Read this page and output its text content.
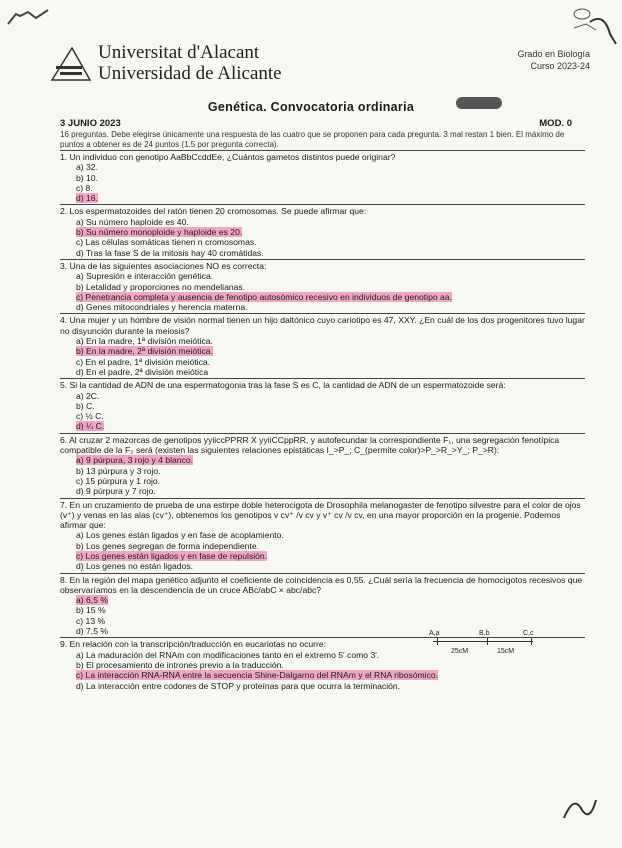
Universitat d'Alacant
Universidad de Alicante
Grado en Biología
Curso 2023-24
Genética. Convocatoria ordinaria
3 JUNIO 2023	MOD. 0
16 preguntas. Debe elegirse únicamente una respuesta de las cuatro que se proponen para cada pregunta. 3 mal restan 1 bien. El máximo de puntos a obtener es de 24 puntos (1.5 por pregunta correcta).
1. Un individuo con genotipo AaBbCcddEe, ¿Cuántos gametos distintos puede originar?
a) 32.
b) 10.
c) 8.
d) 16.
2. Los espermatozoides del ratón tienen 20 cromosomas. Se puede afirmar que:
a) Su número haploide es 40.
b) Su número monoploide y haploide es 20.
c) Las células somáticas tienen n cromosomas.
d) Tras la fase S de la mitosis hay 40 cromátidas.
3. Una de las siguientes asociaciones NO es correcta:
a) Supresión e interacción genética.
b) Letalidad y proporciones no mendelianas.
c) Penetrancia completa y ausencia de fenotipo autosómico recesivo en individuos de genotipo aa.
d) Genes mitocondriales y herencia materna.
4. Una mujer y un hombre de visión normal tienen un hijo daltónico cuyo cariotipo es 47, XXY. ¿En cuál de los dos progenitores tuvo lugar no disyunción durante la meiosis?
a) En la madre, 1ª división meiótica.
b) En la madre, 2ª división meiótica.
c) En el padre, 1ª división meiótica.
d) En el padre, 2ª división meiótica
5. Si la cantidad de ADN de una espermatogonia tras la fase S es C, la cantidad de ADN de un espermatozoide será:
a) 2C.
b) C.
c) ½ C.
d) ¼ C.
6. Al cruzar 2 mazorcas de genotipos yyiiccPPRR X yyiiCCppRR, y autofecundar la correspondiente F₁, una segregación fenotípica compatible de la F₂ será (existen las siguientes relaciones epistáticas I_>P_; C_(permite color)>P_>R_>Y_; P_>R):
a) 9 púrpura, 3 rojo y 4 blanco.
b) 13 púrpura y 3 rojo.
c) 15 púrpura y 1 rojo.
d) 9 púrpura y 7 rojo.
7. En un cruzamiento de prueba de una estirpe doble heterocigota de Drosophila melanogaster de fenotipo silvestre para el color de ojos (v⁺) y venas en las alas (cv⁺), obtenemos los genotipos v cv⁺ /v cv y v⁺ cv /v cv, en una mayor proporción en la progenie. Podemos afirmar que:
a) Los genes están ligados y en fase de acoplamiento.
b) Los genes segregan de forma independiente.
c) Los genes están ligados y en fase de repulsión.
d) Los genes no están ligados.
8. En la región del mapa genético adjunto el coeficiente de coincidencia es 0,55. ¿Cuál sería la frecuencia de homocigotos recesivos que observaríamos en la descendencia de un cruce ABc/abC × abc/abc?
a) 6,5 %
b) 15 %
c) 13 %
d) 7,5 %
9. En relación con la transcripción/traducción en eucariotas no ocurre:
a) La maduración del RNAm con modificaciones tanto en el extremo 5' como 3'.
b) El procesamiento de intrones previo a la traducción.
c) La interacción RNA-RNA entre la secuencia Shine-Dalgarno del RNAm y el RNA ribosómico.
d) La interacción entre codones de STOP y proteínas para que ocurra la terminación.
A,a	B,b	C,c
25cM	15cM
